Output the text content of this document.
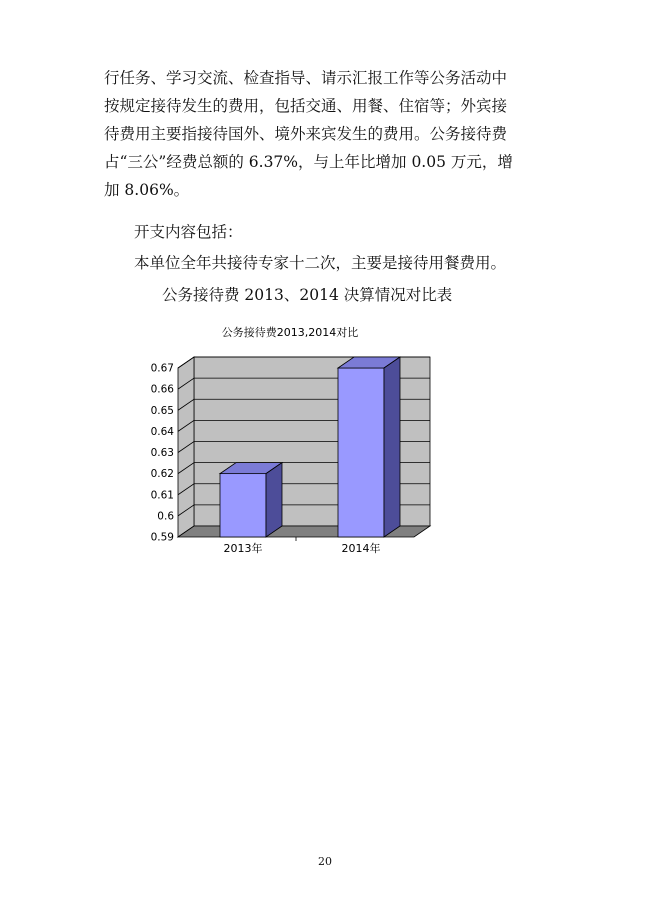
行任务、学习交流、检查指导、请示汇报工作等公务活动中
按规定接待发生的费用，包括交通、用餐、住宿等；外宾接
待费用主要指接待国外、境外来宾发生的费用。公务接待费
占“三公”经费总额的 6.37%，与上年比增加 0.05 万元，增
加 8.06%。

开支内容包括：

本单位全年共接待专家十二次，主要是接待用餐费用。

公务接待费 2013、2014 决算情况对比表

公务接待费2013,2014对比
0.59
0.6
0.61
0.62
0.63
0.64
0.65
0.66
0.67
2013年	2014年
20
